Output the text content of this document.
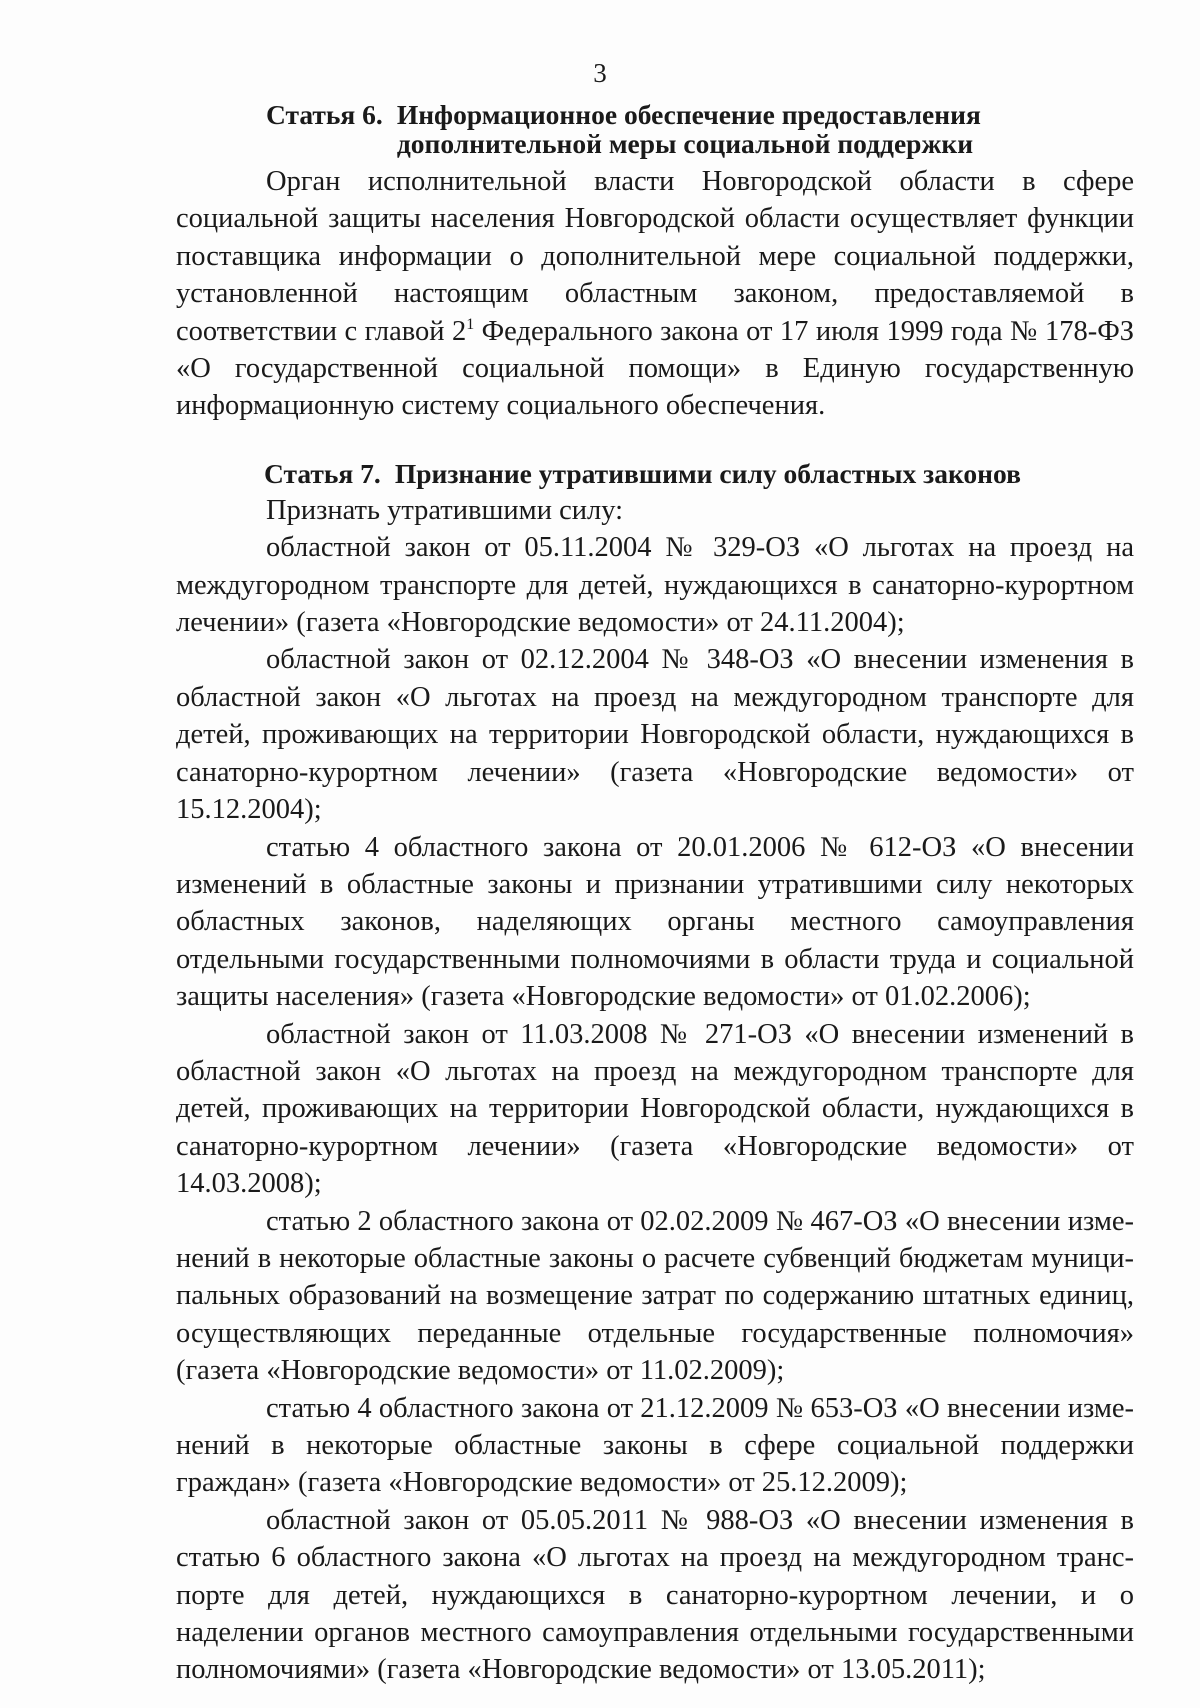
3
Статья 6. Информационное обеспечение предоставления дополнительной меры социальной поддержки

Орган исполнительной власти Новгородской области в сфере социальной защиты населения Новгородской области осуществляет функции поставщика информации о дополнительной мере социальной поддержки, установленной настоящим областным законом, предоставляемой в соответствии с главой $2^1$ Федерального закона от 17 июля 1999 года № 178-ФЗ «О государственной социальной помощи» в Единую государственную информационную систему социального обеспечения.

Статья 7. Признание утратившими силу областных законов

Признать утратившими силу:

областной закон от 05.11.2004 № 329-ОЗ «О льготах на проезд на междугородном транспорте для детей, нуждающихся в санаторно-курортном лечении» (газета «Новгородские ведомости» от 24.11.2004);

областной закон от 02.12.2004 № 348-ОЗ «О внесении изменения в областной закон «О льготах на проезд на междугородном транспорте для детей, проживающих на территории Новгородской области, нуждающихся в санаторно-курортном лечении» (газета «Новгородские ведомости» от 15.12.2004);

статью 4 областного закона от 20.01.2006 № 612-ОЗ «О внесении изменений в областные законы и признании утратившими силу некоторых областных законов, наделяющих органы местного самоуправления отдельными государственными полномочиями в области труда и социальной защиты населения» (газета «Новгородские ведомости» от 01.02.2006);

областной закон от 11.03.2008 № 271-ОЗ «О внесении изменений в областной закон «О льготах на проезд на междугородном транспорте для детей, проживающих на территории Новгородской области, нуждающихся в санаторно-курортном лечении» (газета «Новгородские ведомости» от 14.03.2008);

статью 2 областного закона от 02.02.2009 № 467-ОЗ «О внесении изменений в некоторые областные законы о расчете субвенций бюджетам муниципальных образований на возмещение затрат по содержанию штатных единиц, осуществляющих переданные отдельные государственные полномочия» (газета «Новгородские ведомости» от 11.02.2009);

статью 4 областного закона от 21.12.2009 № 653-ОЗ «О внесении изменений в некоторые областные законы в сфере социальной поддержки граждан» (газета «Новгородские ведомости» от 25.12.2009);

областной закон от 05.05.2011 № 988-ОЗ «О внесении изменения в статью 6 областного закона «О льготах на проезд на междугородном транспорте для детей, нуждающихся в санаторно-курортном лечении, и о наделении органов местного самоуправления отдельными государственными полномочиями» (газета «Новгородские ведомости» от 13.05.2011);
